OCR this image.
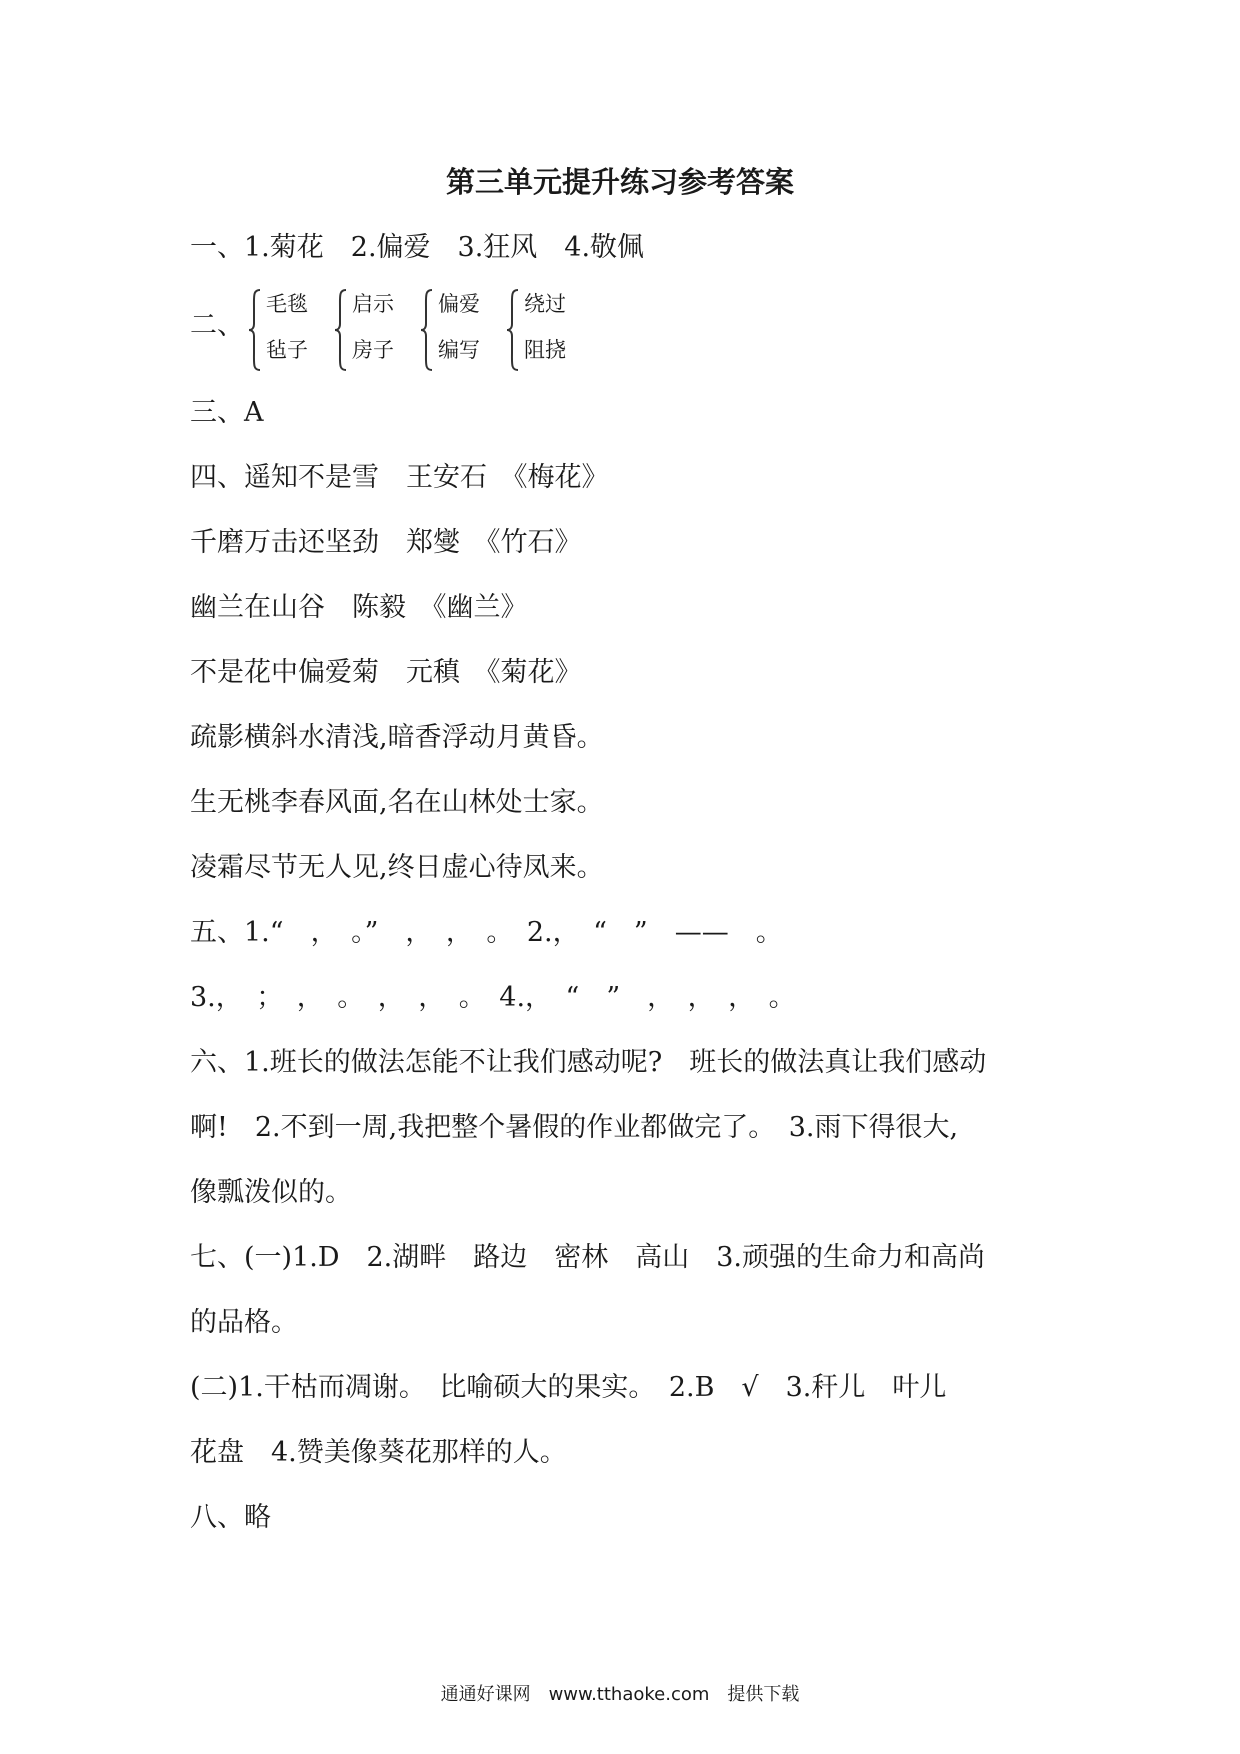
第三单元提升练习参考答案
一、1.菊花　2.偏爱　3.狂风　4.敬佩
二、
毛毯
毡子
启示
房子
偏爱
编写
绕过
阻挠
三、A
四、遥知不是雪　王安石　《梅花》
千磨万击还坚劲　郑燮　《竹石》
幽兰在山谷　陈毅　《幽兰》
不是花中偏爱菊　元稹　《菊花》
疏影横斜水清浅,暗香浮动月黄昏。
生无桃李春风面,名在山林处士家。
凌霜尽节无人见,终日虚心待凤来。
五、1.“　，　。”　，　，　。　2.，　“　”　——　。
3.，　；　，　。　，　，　。　4.，　“　”　，　，　，　。
六、1.班长的做法怎能不让我们感动呢?　班长的做法真让我们感动
啊!　2.不到一周,我把整个暑假的作业都做完了。　3.雨下得很大,
像瓢泼似的。
七、(一)1.D　2.湖畔　路边　密林　高山　3.顽强的生命力和高尚
的品格。
(二)1.干枯而凋谢。　比喻硕大的果实。　2.B　√　3.秆儿　叶儿
花盘　4.赞美像葵花那样的人。
八、略
通通好课网　www.tthaoke.com　提供下载
